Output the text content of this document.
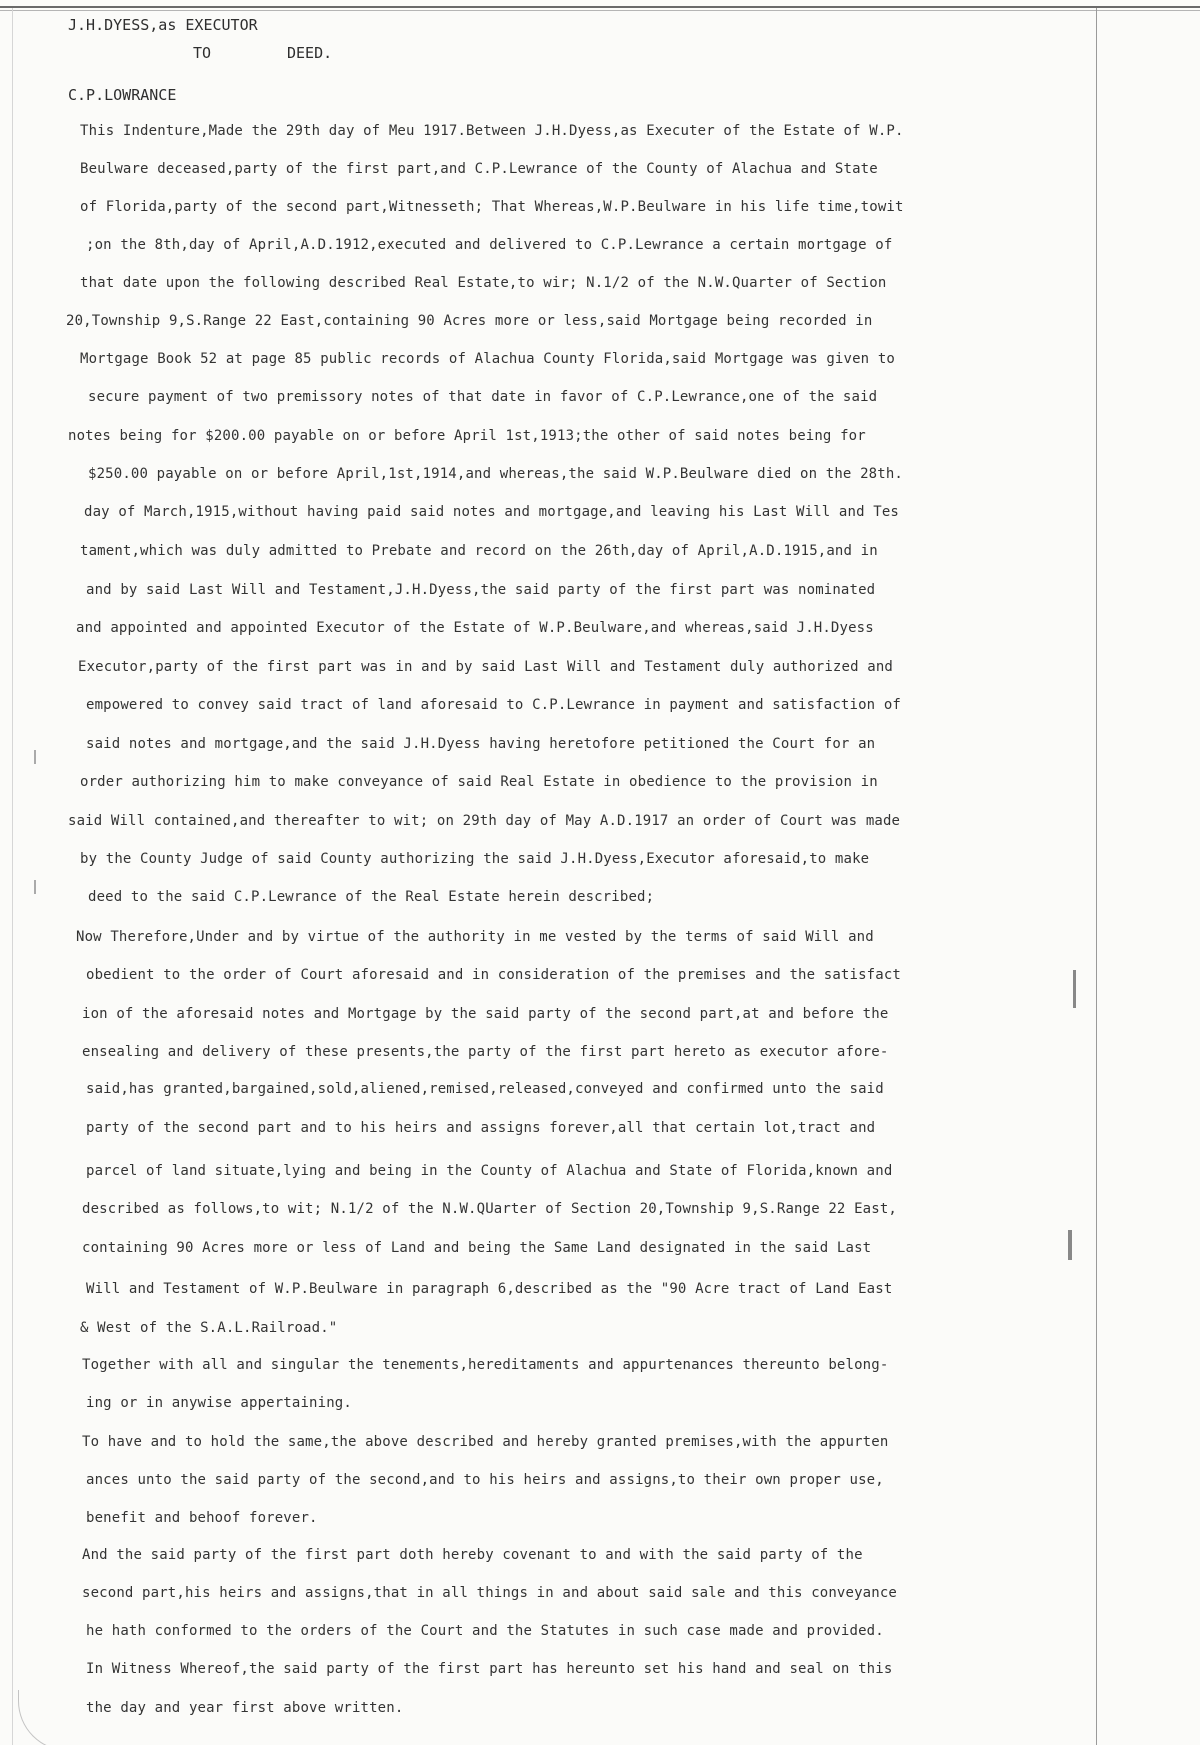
J.H.DYESS,as EXECUTOR
TO	DEED.
C.P.LOWRANCE
This Indenture,Made the 29th day of Meu 1917.Between J.H.Dyess,as Executer of the Estate of W.P.
Beulware deceased,party of the first part,and C.P.Lewrance of the County of Alachua and State
of Florida,party of the second part,Witnesseth; That Whereas,W.P.Beulware in his life time,towit
;on the 8th,day of April,A.D.1912,executed and delivered to C.P.Lewrance a certain mortgage of
that date upon the following described Real Estate,to wir; N.1/2 of the N.W.Quarter of Section
20,Township 9,S.Range 22 East,containing 90 Acres more or less,said Mortgage being recorded in
Mortgage Book 52 at page 85 public records of Alachua County Florida,said Mortgage was given to
secure payment of two premissory notes of that date in favor of C.P.Lewrance,one of the said
notes being for $200.00 payable on or before April 1st,1913;the other of said notes being for
$250.00 payable on or before April,1st,1914,and whereas,the said W.P.Beulware died on the 28th.
day of March,1915,without having paid said notes and mortgage,and leaving his Last Will and Tes
tament,which was duly admitted to Prebate and record on the 26th,day of April,A.D.1915,and in
and by said Last Will and Testament,J.H.Dyess,the said party of the first part was nominated
and appointed and appointed Executor of the Estate of W.P.Beulware,and whereas,said J.H.Dyess
Executor,party of the first part was in and by said Last Will and Testament duly authorized and
empowered to convey said tract of land aforesaid to C.P.Lewrance in payment and satisfaction of
said notes and mortgage,and the said J.H.Dyess having heretofore petitioned the Court for an
order authorizing him to make conveyance of said Real Estate in obedience to the provision in
said Will contained,and thereafter to wit; on 29th day of May A.D.1917 an order of Court was made
by the County Judge of said County authorizing the said J.H.Dyess,Executor aforesaid,to make
deed to the said C.P.Lewrance of the Real Estate herein described;
Now Therefore,Under and by virtue of the authority in me vested by the terms of said Will and
obedient to the order of Court aforesaid and in consideration of the premises and the satisfact
ion of the aforesaid notes and Mortgage by the said party of the second part,at and before the
ensealing and delivery of these presents,the party of the first part hereto as executor afore-
said,has granted,bargained,sold,aliened,remised,released,conveyed and confirmed unto the said
party of the second part and to his heirs and assigns forever,all that certain lot,tract and
parcel of land situate,lying and being in the County of Alachua and State of Florida,known and
described as follows,to wit; N.1/2 of the N.W.QUarter of Section 20,Township 9,S.Range 22 East,
containing 90 Acres more or less of Land and being the Same Land designated in the said Last
Will and Testament of W.P.Beulware in paragraph 6,described as the "90 Acre tract of Land East
& West of the S.A.L.Railroad."
Together with all and singular the tenements,hereditaments and appurtenances thereunto belong-
ing or in anywise appertaining.
To have and to hold the same,the above described and hereby granted premises,with the appurten
ances unto the said party of the second,and to his heirs and assigns,to their own proper use,
benefit and behoof forever.
And the said party of the first part doth hereby covenant to and with the said party of the
second part,his heirs and assigns,that in all things in and about said sale and this conveyance
he hath conformed to the orders of the Court and the Statutes in such case made and provided.
In Witness Whereof,the said party of the first part has hereunto set his hand and seal on this
the day and year first above written.
